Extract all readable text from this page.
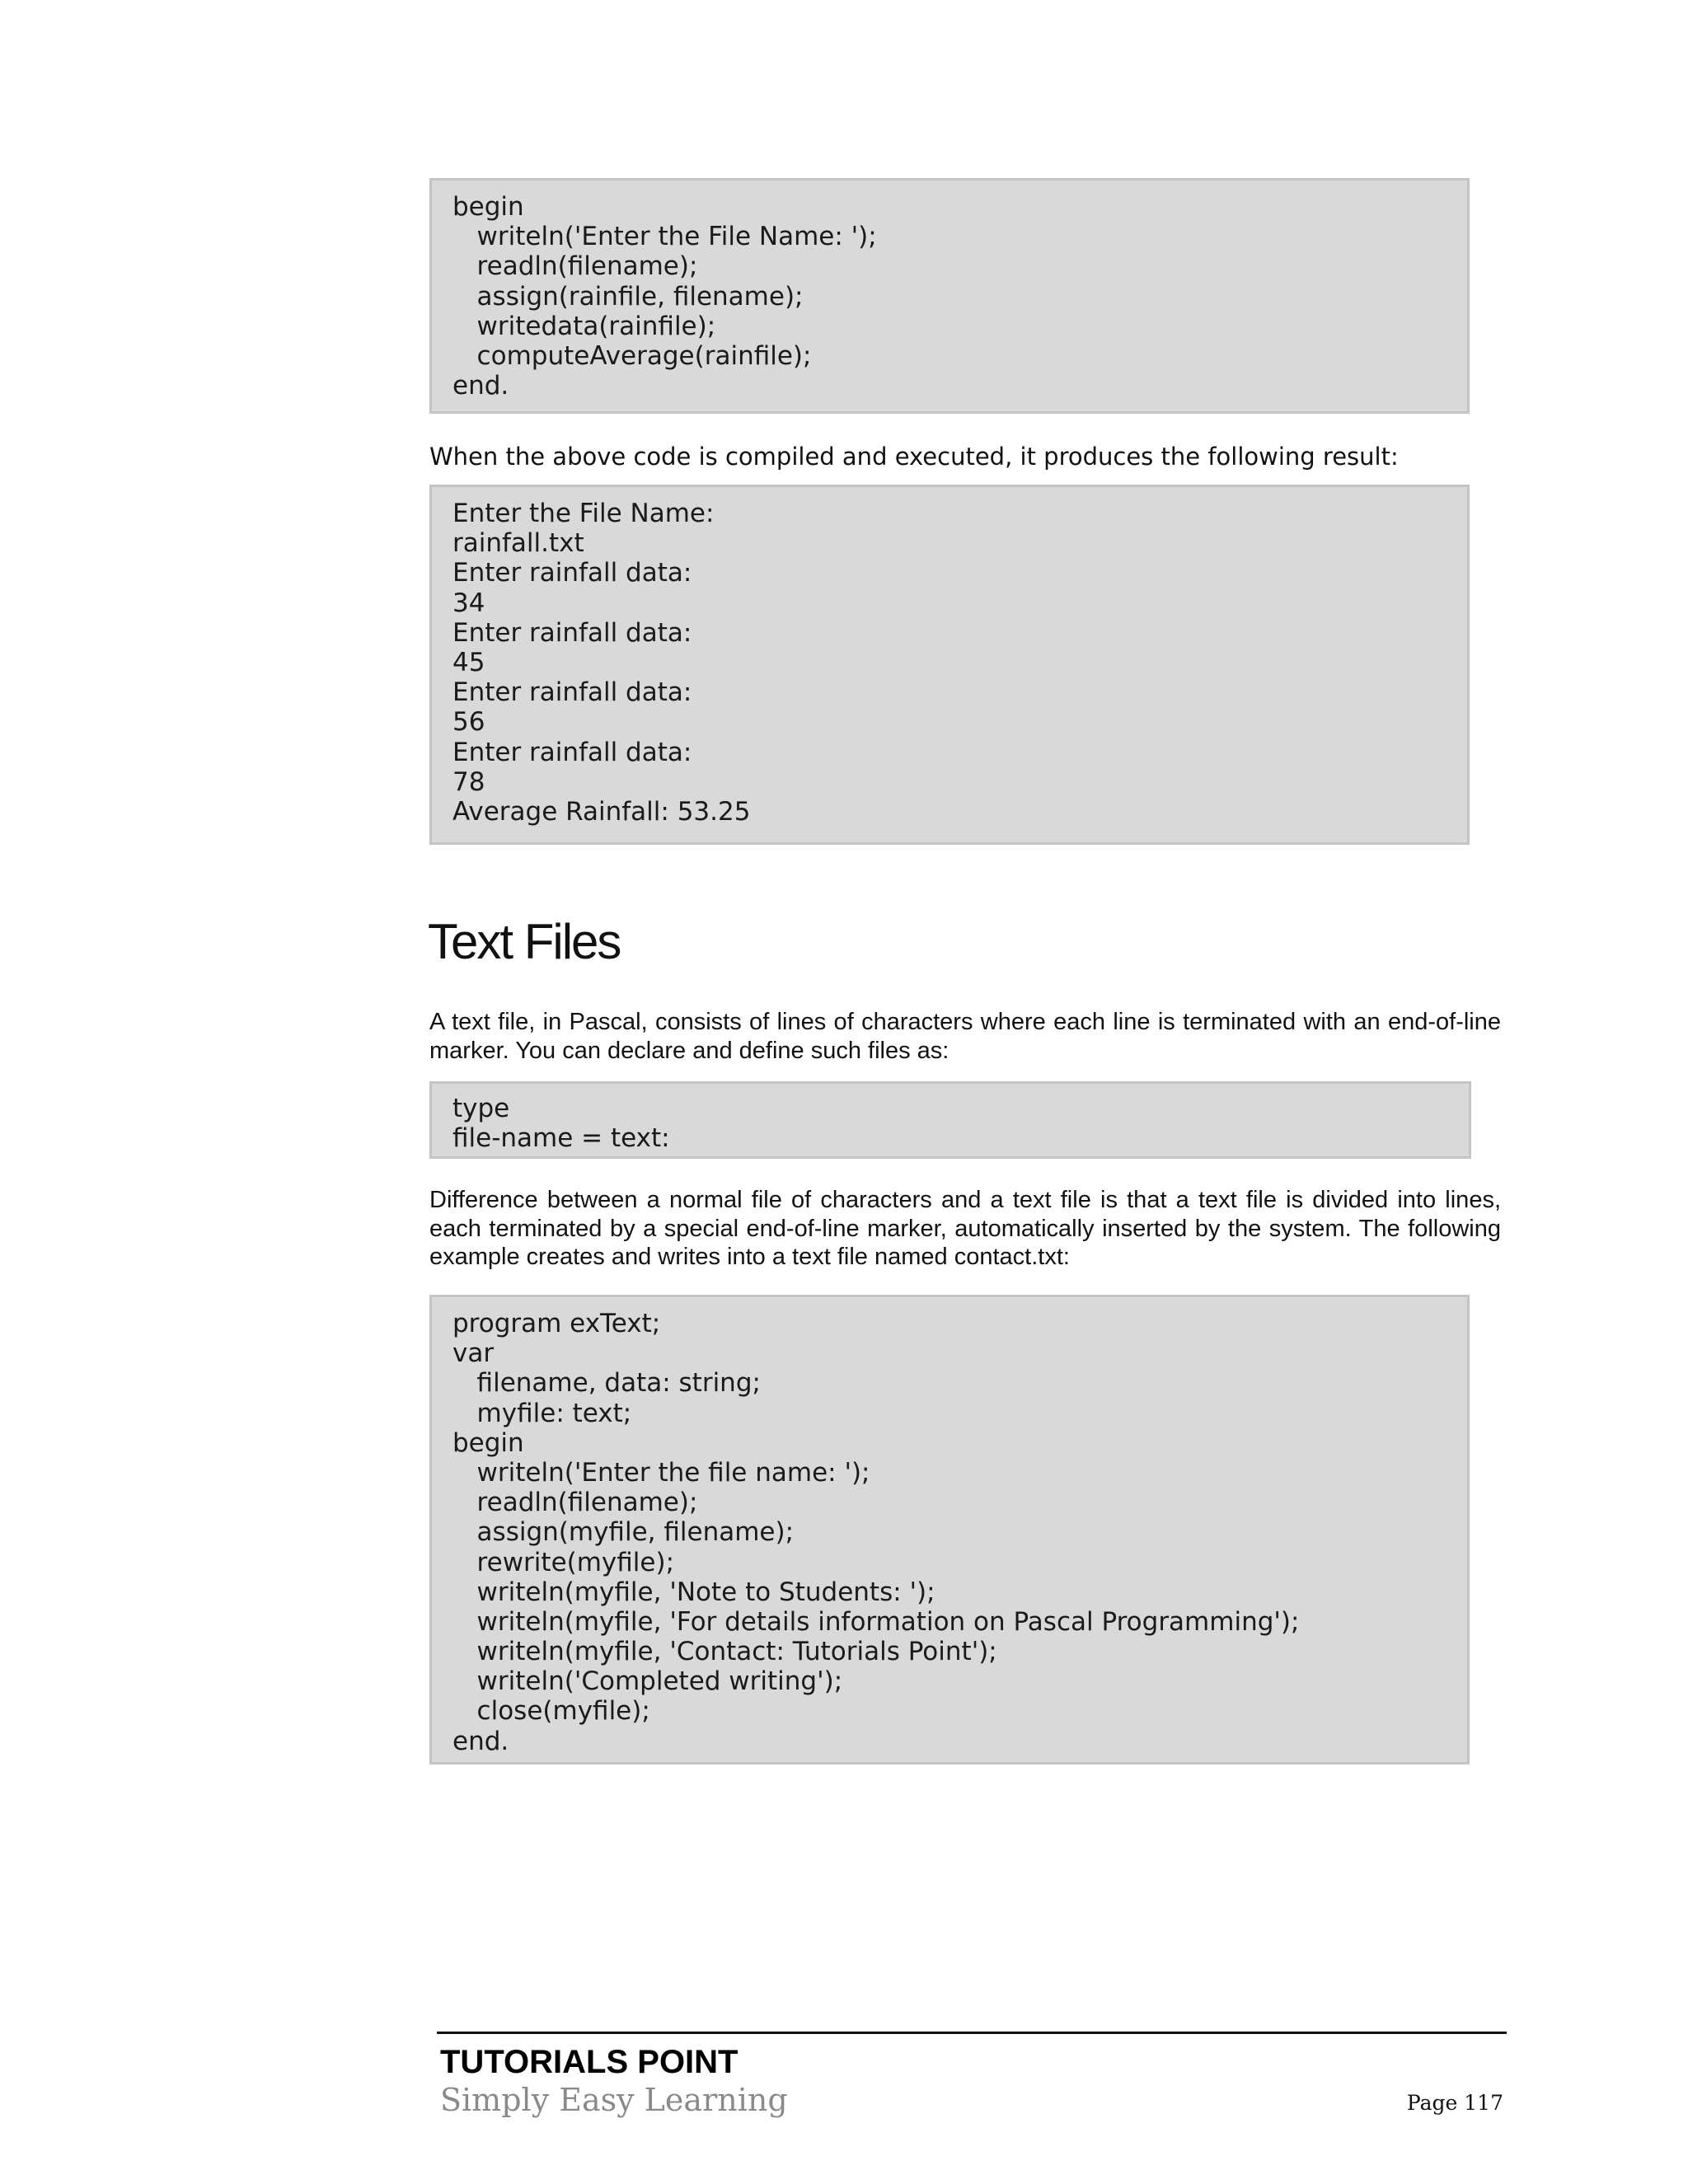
begin
writeln('Enter the File Name: ');
readln(filename);
assign(rainfile, filename);
writedata(rainfile);
computeAverage(rainfile);
end.
When the above code is compiled and executed, it produces the following result:
Enter the File Name:
rainfall.txt
Enter rainfall data:
34
Enter rainfall data:
45
Enter rainfall data:
56
Enter rainfall data:
78
Average Rainfall: 53.25
Text Files
A text file, in Pascal, consists of lines of characters where each line is terminated with an end-of-line marker. You can declare and define such files as:
type
file-name = text:
Difference between a normal file of characters and a text file is that a text file is divided into lines, each terminated by a special end-of-line marker, automatically inserted by the system. The following example creates and writes into a text file named contact.txt:
program exText;
var
filename, data: string;
myfile: text;
begin
writeln('Enter the file name: ');
readln(filename);
assign(myfile, filename);
rewrite(myfile);
writeln(myfile, 'Note to Students: ');
writeln(myfile, 'For details information on Pascal Programming');
writeln(myfile, 'Contact: Tutorials Point');
writeln('Completed writing');
close(myfile);
end.
TUTORIALS POINT
Simply Easy Learning	Page 117
